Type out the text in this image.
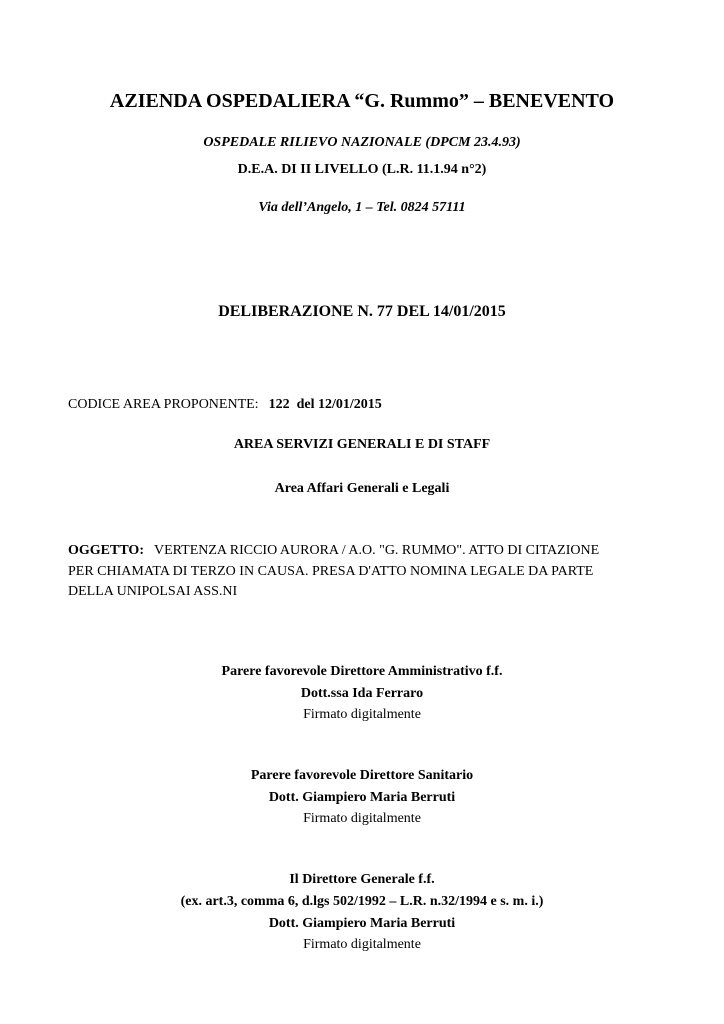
AZIENDA OSPEDALIERA “G. Rummo” – BENEVENTO
OSPEDALE RILIEVO NAZIONALE (DPCM 23.4.93)
D.E.A. DI II LIVELLO (L.R. 11.1.94 n°2)
Via dell’Angelo, 1 – Tel. 0824 57111
DELIBERAZIONE N. 77 DEL 14/01/2015
CODICE AREA PROPONENTE: 122  del 12/01/2015
AREA SERVIZI GENERALI E DI STAFF
Area Affari Generali e Legali
OGGETTO: VERTENZA RICCIO AURORA / A.O. "G. RUMMO". ATTO DI CITAZIONE
PER CHIAMATA DI TERZO IN CAUSA. PRESA D'ATTO NOMINA LEGALE DA PARTE
DELLA UNIPOLSAI ASS.NI
Parere favorevole Direttore Amministrativo f.f.
Dott.ssa Ida Ferraro
Firmato digitalmente
Parere favorevole Direttore Sanitario
Dott. Giampiero Maria Berruti
Firmato digitalmente
Il Direttore Generale f.f.
(ex. art.3, comma 6, d.lgs 502/1992 – L.R. n.32/1994 e s. m. i.)
Dott. Giampiero Maria Berruti
Firmato digitalmente
